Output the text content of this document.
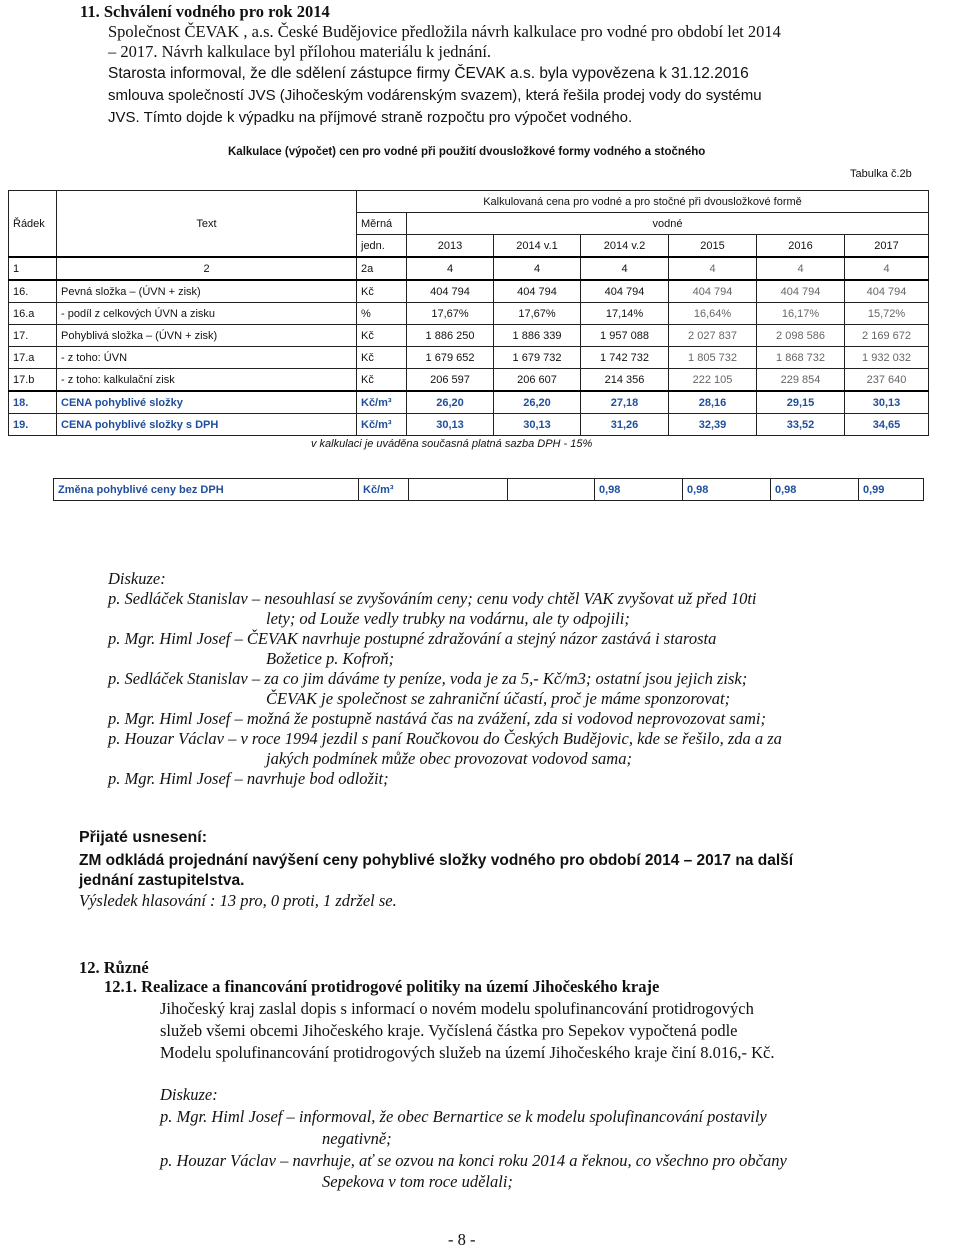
11. Schválení vodného pro rok 2014
Společnost ČEVAK , a.s. České Budějovice předložila návrh kalkulace pro vodné pro období let 2014
– 2017. Návrh kalkulace byl přílohou materiálu k jednání.
Starosta informoval, že dle sdělení zástupce firmy ČEVAK a.s. byla vypovězena k 31.12.2016
smlouva společností JVS (Jihočeským vodárenským svazem), která řešila prodej vody do systému
JVS. Tímto dojde k výpadku na příjmové straně rozpočtu pro výpočet vodného.
Kalkulace (výpočet) cen pro vodné při použití dvousložkové formy vodného a stočného
Tabulka č.2b
Řádek	Text	Kalkulovaná cena pro vodné a pro stočné při dvousložkové formě						
		Měrná	vodné					
		jedn.	2013	2014 v.1	2014 v.2	2015	2016	2017
1	2	2a	4	4	4	4	4	4
16.	Pevná složka – (ÚVN + zisk)	Kč	404 794	404 794	404 794	404 794	404 794	404 794
16.a	- podíl z celkových ÚVN a zisku	%	17,67%	17,67%	17,14%	16,64%	16,17%	15,72%
17.	Pohyblivá složka – (ÚVN + zisk)	Kč	1 886 250	1 886 339	1 957 088	2 027 837	2 098 586	2 169 672
17.a	- z toho: ÚVN	Kč	1 679 652	1 679 732	1 742 732	1 805 732	1 868 732	1 932 032
17.b	- z toho: kalkulační zisk	Kč	206 597	206 607	214 356	222 105	229 854	237 640
18.	CENA pohyblivé složky	Kč/m³	26,20	26,20	27,18	28,16	29,15	30,13
19.	CENA pohyblivé složky s DPH	Kč/m³	30,13	30,13	31,26	32,39	33,52	34,65
v kalkulaci je uváděna současná platná sazba DPH - 15%
Změna pohyblivé ceny bez DPH	Kč/m³			0,98	0,98	0,98	0,99

Diskuze:

p. Sedláček Stanislav – nesouhlasí se zvyšováním ceny; cenu vody chtěl VAK zvyšovat už před 10ti

lety; od Louže vedly trubky na vodárnu, ale ty odpojili;

p. Mgr. Himl Josef – ČEVAK navrhuje postupné zdražování a stejný názor zastává i starosta

Božetice p. Kofroň;

p. Sedláček Stanislav – za co jim dáváme ty peníze, voda je za 5,- Kč/m3; ostatní jsou jejich zisk;

ČEVAK je společnost se zahraniční účastí, proč je máme sponzorovat;

p. Mgr. Himl Josef – možná že postupně nastává čas na zvážení, zda si vodovod neprovozovat sami;

p. Houzar Václav – v roce 1994 jezdil s paní Roučkovou do Českých Budějovic, kde se řešilo, zda a za

jakých podmínek může obec provozovat vodovod sama;

p. Mgr. Himl Josef – navrhuje bod odložit;

Přijaté usnesení:
ZM odkládá projednání navýšení ceny pohyblivé složky vodného pro období 2014 – 2017 na další
jednání zastupitelstva.
Výsledek hlasování : 13 pro, 0 proti, 1 zdržel se.
12. Různé
12.1. Realizace a financování protidrogové politiky na území Jihočeského kraje
Jihočeský kraj zaslal dopis s informací o novém modelu spolufinancování protidrogových
služeb všemi obcemi Jihočeského kraje. Vyčíslená částka pro Sepekov vypočtená podle
Modelu spolufinancování protidrogových služeb na území Jihočeského kraje činí 8.016,- Kč.
Diskuze:
p. Mgr. Himl Josef – informoval, že obec Bernartice se k modelu spolufinancování postavily
negativně;
p. Houzar Václav – navrhuje, ať se ozvou na konci roku 2014 a řeknou, co všechno pro občany
Sepekova v tom roce udělali;
- 8 -
